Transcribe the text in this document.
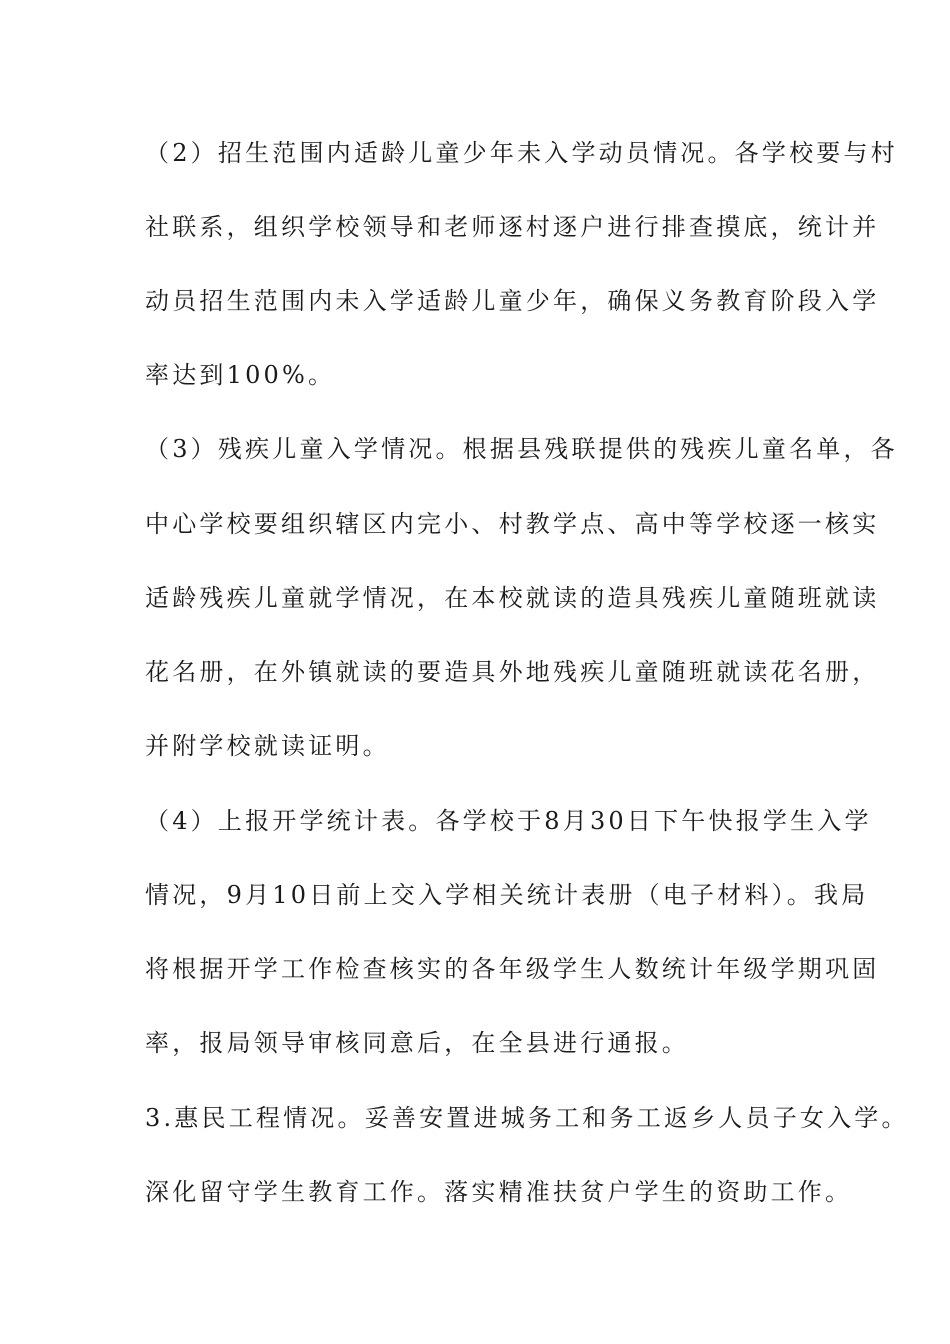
（2）招生范围内适龄儿童少年未入学动员情况。各学校要与村
社联系，组织学校领导和老师逐村逐户进行排查摸底，统计并
动员招生范围内未入学适龄儿童少年，确保义务教育阶段入学
率达到100%。
（3）残疾儿童入学情况。根据县残联提供的残疾儿童名单，各
中心学校要组织辖区内完小、村教学点、高中等学校逐一核实
适龄残疾儿童就学情况，在本校就读的造具残疾儿童随班就读
花名册，在外镇就读的要造具外地残疾儿童随班就读花名册，
并附学校就读证明。
（4）上报开学统计表。各学校于8月30日下午快报学生入学
情况，9月10日前上交入学相关统计表册（电子材料）。我局
将根据开学工作检查核实的各年级学生人数统计年级学期巩固
率，报局领导审核同意后，在全县进行通报。
3.惠民工程情况。妥善安置进城务工和务工返乡人员子女入学。
深化留守学生教育工作。落实精准扶贫户学生的资助工作。
